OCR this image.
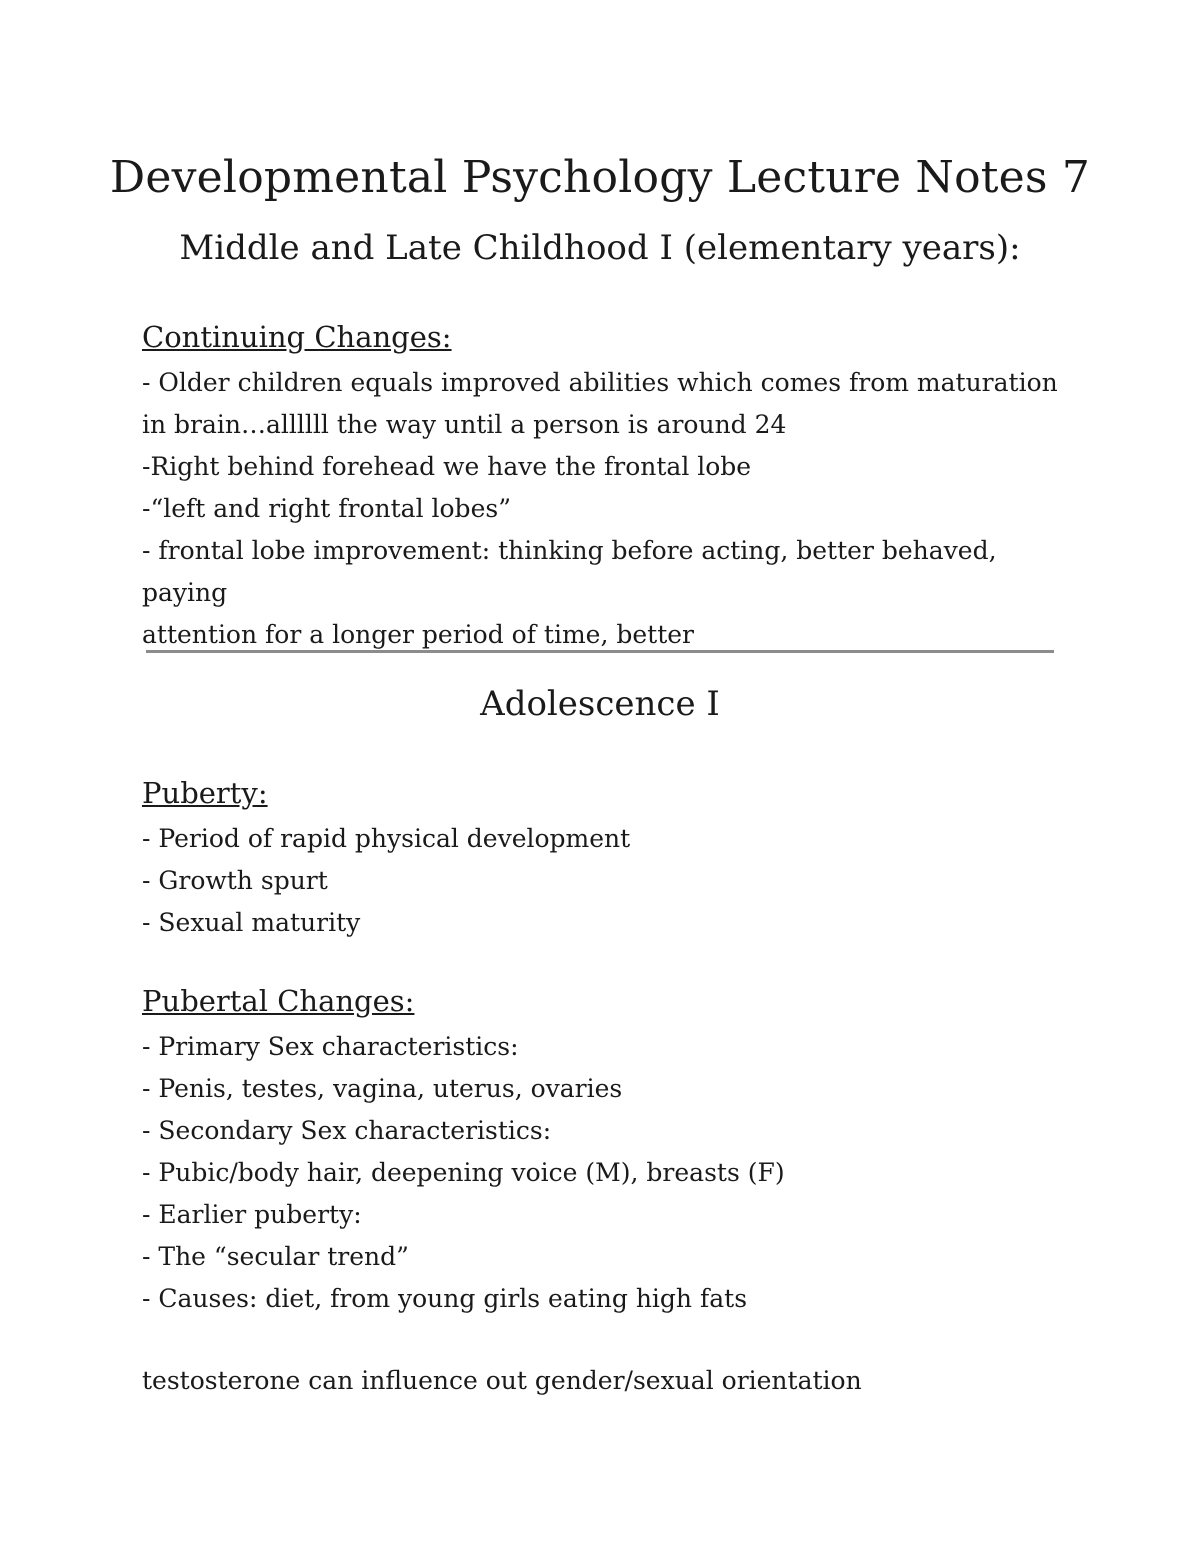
Developmental Psychology Lecture Notes 7
Middle and Late Childhood I (elementary years):

Continuing Changes:

- Older children equals improved abilities which comes from maturation

in brain…allllll the way until a person is around 24

-Right behind forehead we have the frontal lobe

-“left and right frontal lobes”

- frontal lobe improvement: thinking before acting, better behaved, paying

attention for a longer period of time, better

Adolescence I

Puberty:

- Period of rapid physical development

- Growth spurt

- Sexual maturity

Pubertal Changes:

- Primary Sex characteristics:

- Penis, testes, vagina, uterus, ovaries

- Secondary Sex characteristics:

- Pubic/body hair, deepening voice (M), breasts (F)

- Earlier puberty:

- The “secular trend”

- Causes: diet, from young girls eating high fats

testosterone can influence out gender/sexual orientation
